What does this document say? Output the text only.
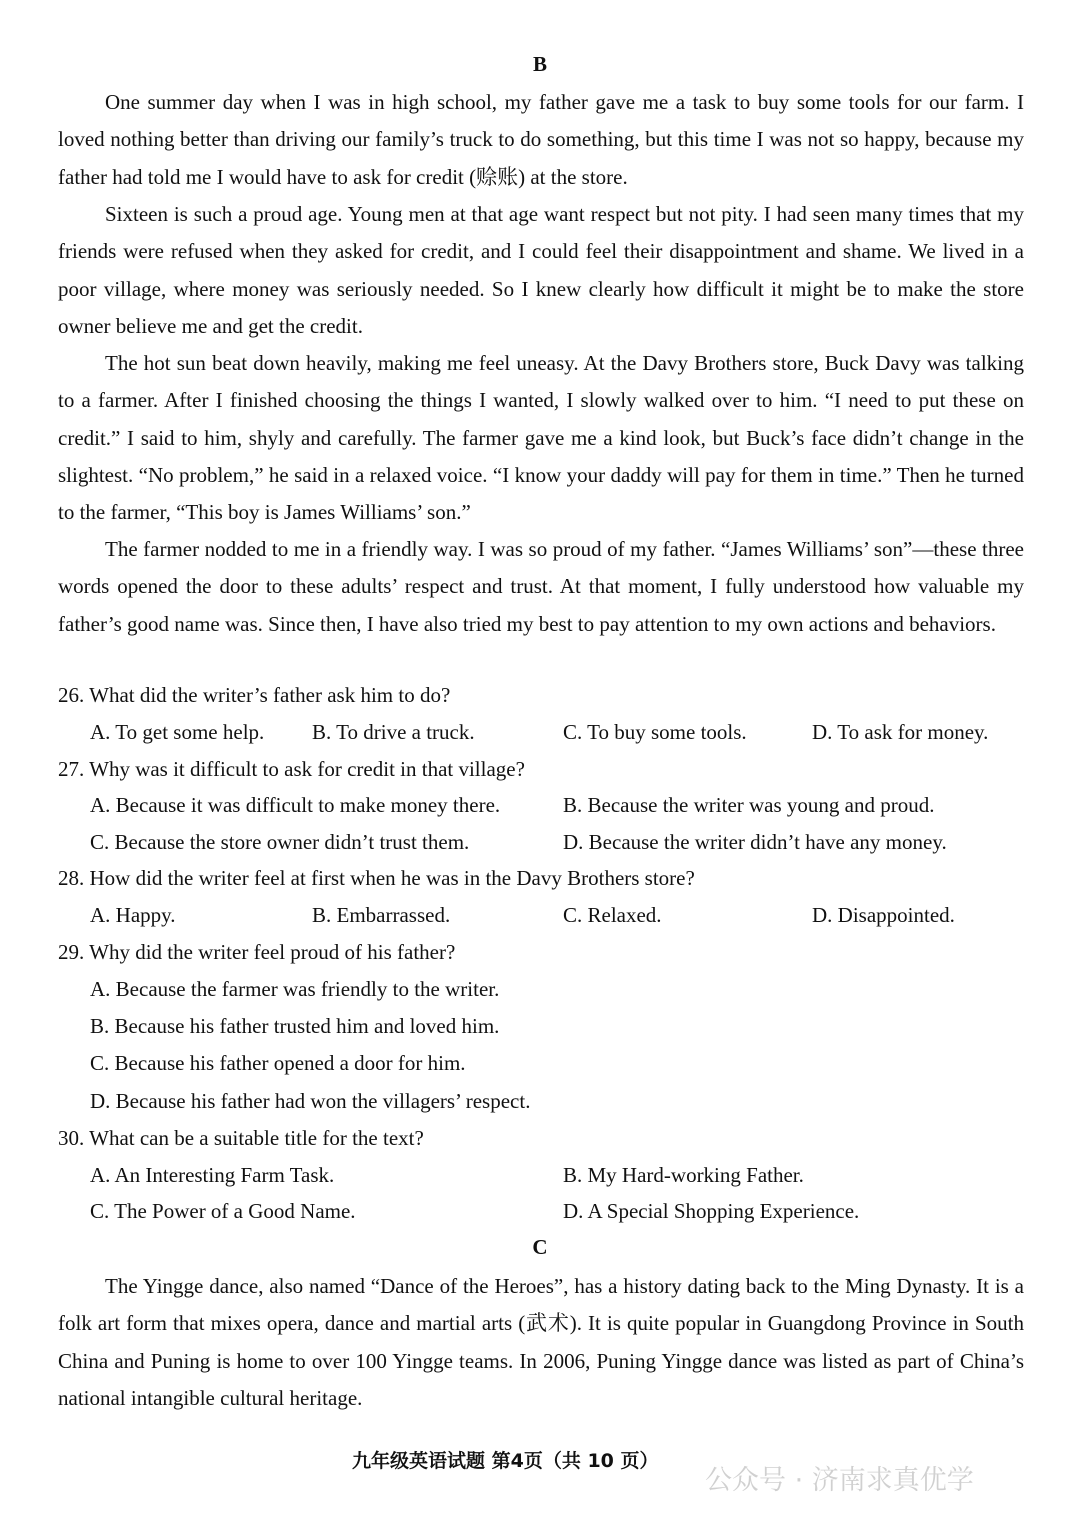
B

One summer day when I was in high school, my father gave me a task to buy some tools for our farm. I loved nothing better than driving our family’s truck to do something, but this time I was not so happy, because my father had told me I would have to ask for credit (赊账) at the store.

Sixteen is such a proud age. Young men at that age want respect but not pity. I had seen many times that my friends were refused when they asked for credit, and I could feel their disappointment and shame. We lived in a poor village, where money was seriously needed. So I knew clearly how difficult it might be to make the store owner believe me and get the credit.

The hot sun beat down heavily, making me feel uneasy. At the Davy Brothers store, Buck Davy was talking to a farmer. After I finished choosing the things I wanted, I slowly walked over to him. “I need to put these on credit.” I said to him, shyly and carefully. The farmer gave me a kind look, but Buck’s face didn’t change in the slightest. “No problem,” he said in a relaxed voice. “I know your daddy will pay for them in time.” Then he turned to the farmer, “This boy is James Williams’ son.”

The farmer nodded to me in a friendly way. I was so proud of my father. “James Williams’ son”—these three words opened the door to these adults’ respect and trust. At that moment, I fully understood how valuable my father’s good name was. Since then, I have also tried my best to pay attention to my own actions and behaviors.

26. What did the writer’s father ask him to do?
A. To get some help. B. To drive a truck.	C. To buy some tools.	D. To ask for money.
27. Why was it difficult to ask for credit in that village?
A. Because it was difficult to make money there.	B. Because the writer was young and proud.
C. Because the store owner didn’t trust them.	D. Because the writer didn’t have any money.
28. How did the writer feel at first when he was in the Davy Brothers store?
A. Happy.	B. Embarrassed.	C. Relaxed.	D. Disappointed.
29. Why did the writer feel proud of his father?
A. Because the farmer was friendly to the writer.
B. Because his father trusted him and loved him.
C. Because his father opened a door for him.
D. Because his father had won the villagers’ respect.
30. What can be a suitable title for the text?
A. An Interesting Farm Task.	B. My Hard-working Father.
C. The Power of a Good Name.	D. A Special Shopping Experience.
C

The Yingge dance, also named “Dance of the Heroes”, has a history dating back to the Ming Dynasty. It is a folk art form that mixes opera, dance and martial arts (武术). It is quite popular in Guangdong Province in South China and Puning is home to over 100 Yingge teams. In 2006, Puning Yingge dance was listed as part of China’s national intangible cultural heritage.

九年级英语试题 第4页（共 10 页）
公众号 · 济南求真优学
